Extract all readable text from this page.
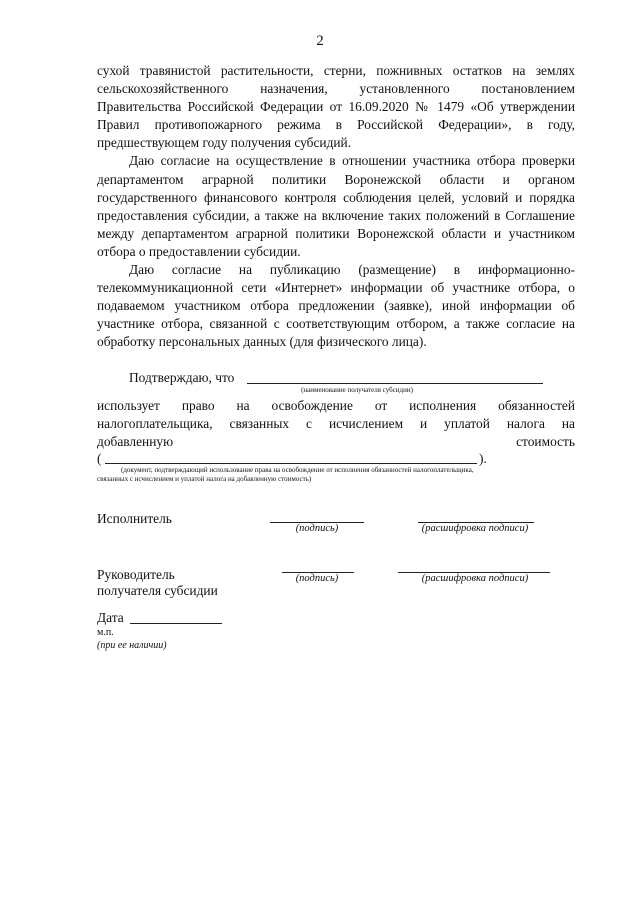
2

сухой травянистой растительности, стерни, пожнивных остатков на землях сельскохозяйственного назначения, установленного постановлением Правительства Российской Федерации от 16.09.2020 № 1479 «Об утверждении Правил противопожарного режима в Российской Федерации», в году, предшествующем году получения субсидий.

Даю согласие на осуществление в отношении участника отбора проверки департаментом аграрной политики Воронежской области и органом государственного финансового контроля соблюдения целей, условий и порядка предоставления субсидии, а также на включение таких положений в Соглашение между департаментом аграрной политики Воронежской области и участником отбора о предоставлении субсидии.

Даю согласие на публикацию (размещение) в информационно-телекоммуникационной сети «Интернет» информации об участнике отбора, о подаваемом участником отбора предложении (заявке), иной информации об участнике отбора, связанной с соответствующим отбором, а также согласие на обработку персональных данных (для физического лица).

Подтверждаю, что
(наименование получателя субсидии)
использует право на освобождение от исполнения обязанностей налогоплательщика, связанных с исчислением и уплатой налога на
добавленную	стоимость
(	).
(документ, подтверждающий использование права на освобождение от исполнения обязанностей налогоплательщика,
связанных с исчислением и уплатой налога на добавленную стоимость)
Исполнитель
(подпись)	(расшифровка подписи)
Руководитель
получателя субсидии
(подпись)	(расшифровка подписи)
Дата
м.п.
(при ее наличии)
